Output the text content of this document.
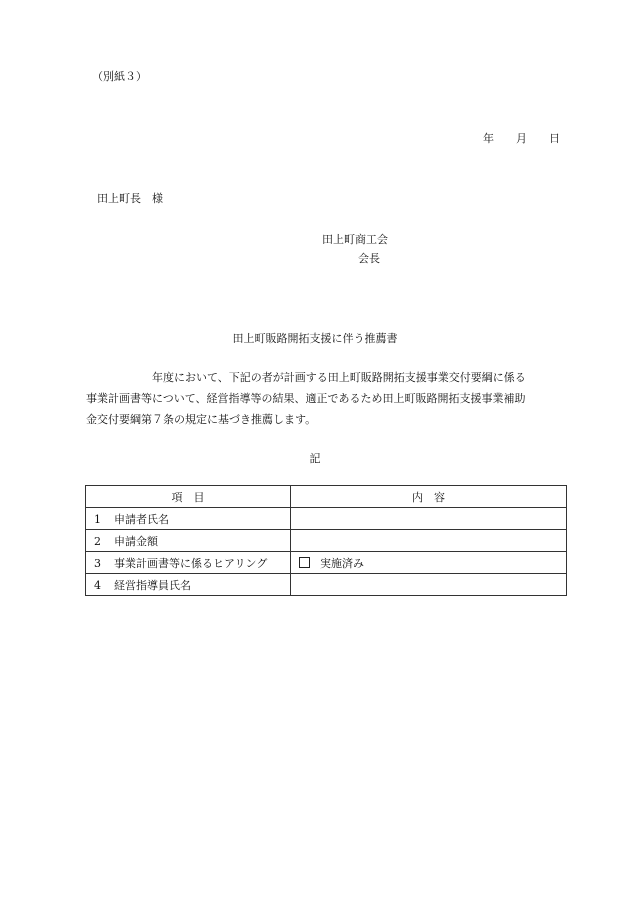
（別紙３）
年 月 日
田上町長　様
田上町商工会
会長
田上町販路開拓支援に伴う推薦書
　　　　　　年度において、下記の者が計画する田上町販路開拓支援事業交付要綱に係る
事業計画書等について、経営指導等の結果、適正であるため田上町販路開拓支援事業補助
金交付要綱第７条の規定に基づき推薦します。
記
項　目	内　容
1 申請者氏名	
2 申請金額	
3 事業計画書等に係るヒアリング	実施済み
4 経営指導員氏名	
